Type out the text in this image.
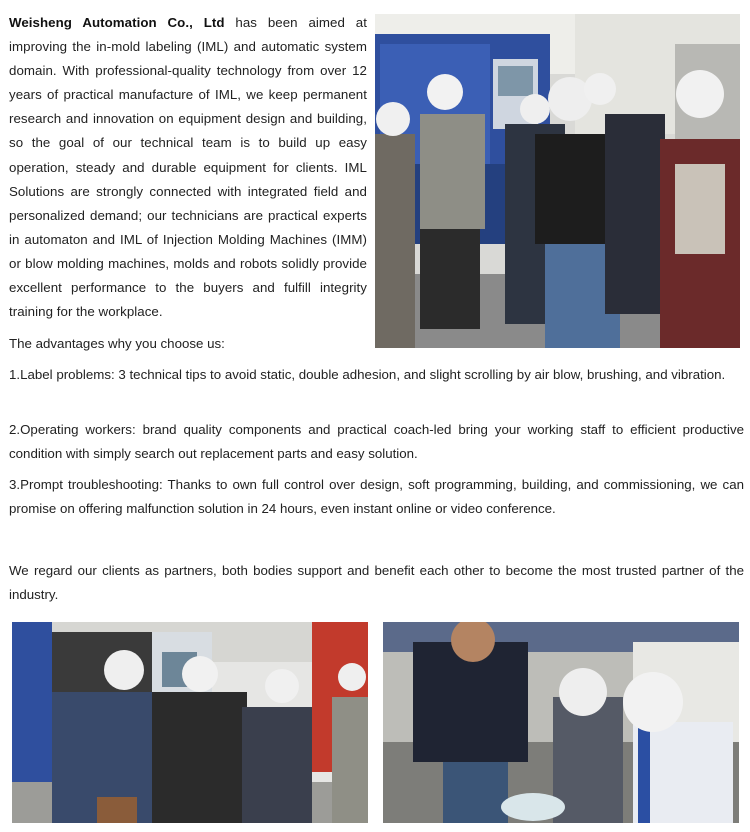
Weisheng Automation Co., Ltd has been aimed at improving the in-mold labeling (IML) and automatic system domain. With professional-quality technology from over 12 years of practical manufacture of IML, we keep permanent research and innovation on equipment design and building, so the goal of our technical team is to build up easy operation, steady and durable equipment for clients. IML Solutions are strongly connected with integrated field and personalized demand; our technicians are practical experts in automaton and IML of Injection Molding Machines (IMM) or blow molding machines, molds and robots solidly provide excellent performance to the buyers and fulfill integrity training for the workplace.
The advantages why you choose us:
1.Label problems: 3 technical tips to avoid static, double adhesion, and slight scrolling by air blow, brushing, and vibration.
2.Operating workers: brand quality components and practical coach-led bring your working staff to efficient productive condition with simply search out replacement parts and easy solution.
3.Prompt troubleshooting: Thanks to own full control over design, soft programming, building, and commissioning, we can promise on offering malfunction solution in 24 hours, even instant online or video conference.
We regard our clients as partners, both bodies support and benefit each other to become the most trusted partner of the industry.
